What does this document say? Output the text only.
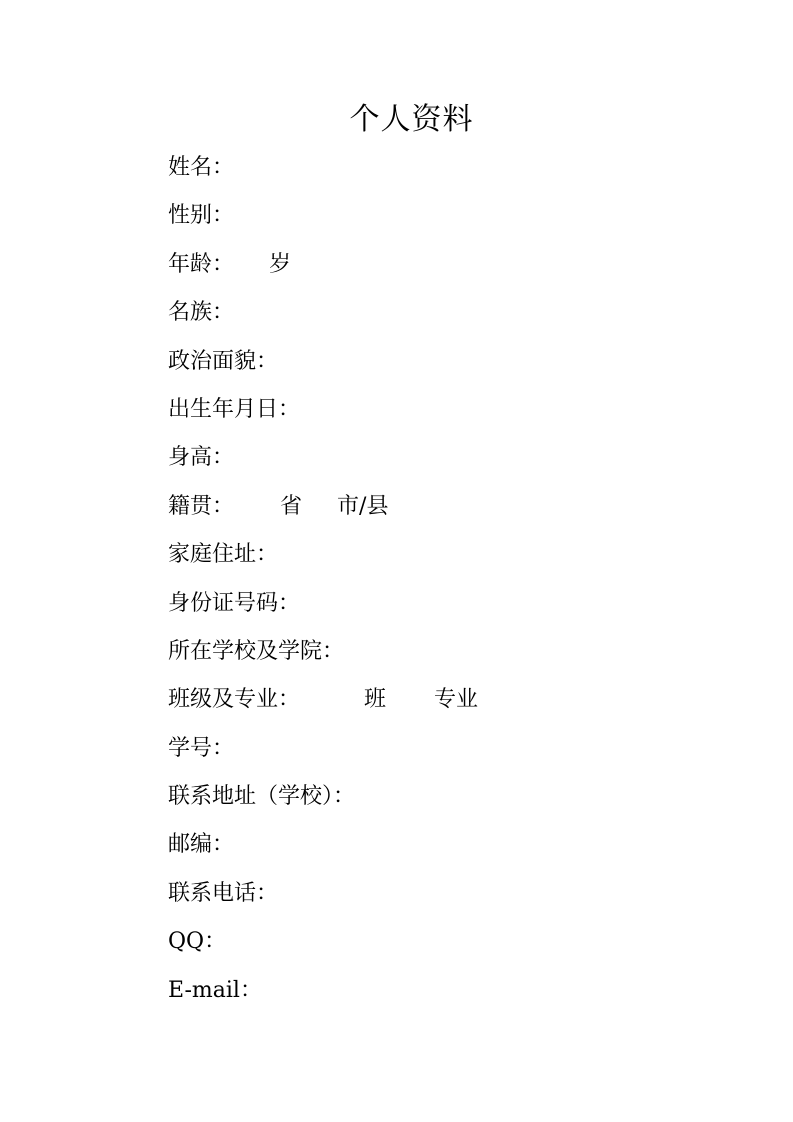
个人资料
姓名：
性别：
年龄： 岁
名族：
政治面貌：
出生年月日：
身高：
籍贯： 省 市/县
家庭住址：
身份证号码：
所在学校及学院：
班级及专业：	班 专业
学号：
联系地址（学校）：
邮编：
联系电话：
QQ：
E-mail：
